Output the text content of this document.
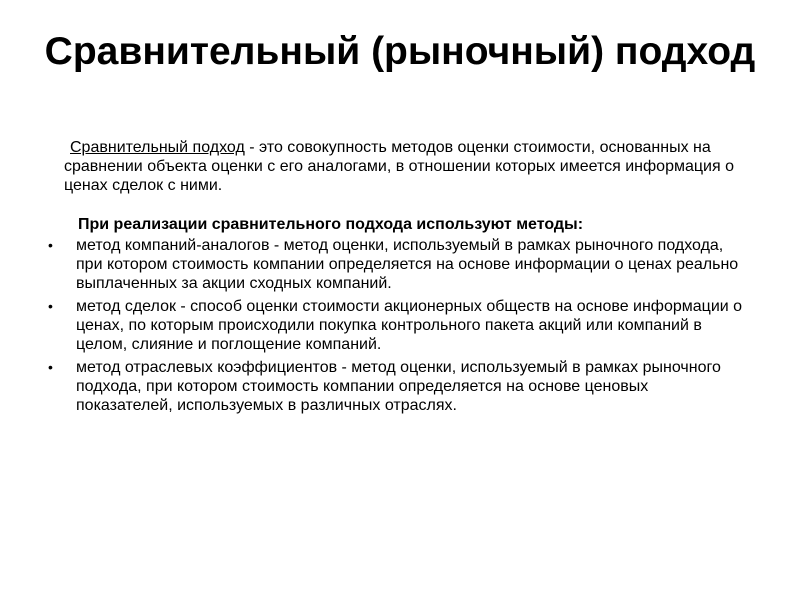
Сравнительный (рыночный) подход

Сравнительный подход - это совокупность методов оценки стоимости, основанных на сравнении объекта оценки с его аналогами, в отношении которых имеется информация о ценах сделок с ними.

При реализации сравнительного подхода используют методы:

•	метод компаний-аналогов - метод оценки, используемый в рамках рыночного подхода, при котором стоимость компании определяется на основе информации о ценах реально выплаченных за акции сходных компаний.
•	метод сделок - способ оценки стоимости акционерных обществ на основе информации о ценах, по которым происходили покупка контрольного пакета акций или компаний в целом, слияние и поглощение компаний.
•	метод отраслевых коэффициентов - метод оценки, используемый в рамках рыночного подхода, при котором стоимость компании определяется на основе ценовых показателей, используемых в различных отраслях.
